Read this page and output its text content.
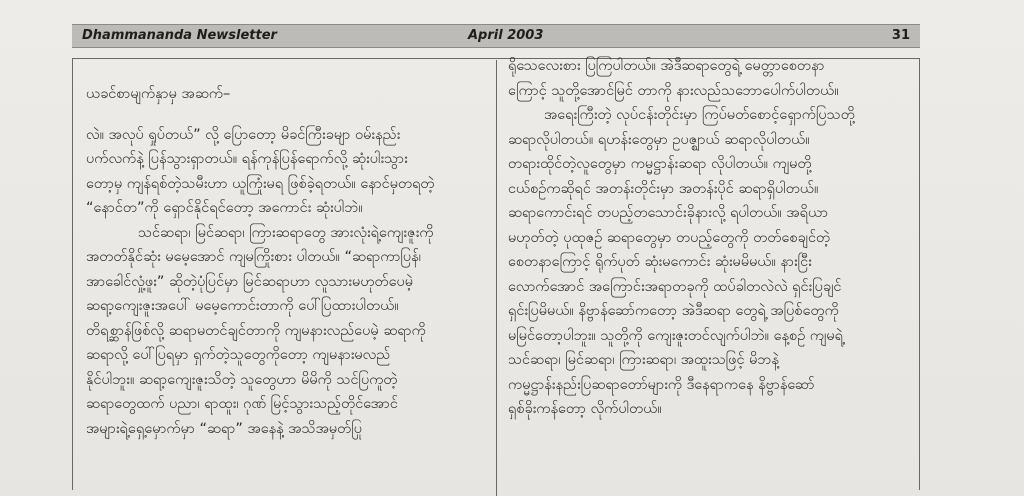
Dhammananda Newsletter	April 2003	31
ယခင်စာမျက်နှာမှ အဆက်–
လဲ။ အလုပ် ရှုပ်တယ်” လို့ ပြောတော့ မိခင်ကြီးခမျာ ဝမ်းနည်း
ပက်လက်နဲ့ ပြန်သွားရှာတယ်။ ရန်ကုန်ပြန်ရောက်လို့ ဆုံးပါးသွား
တော့မှ ကျန်ရစ်တဲ့သမီးဟာ ယူကြုံးမရ ဖြစ်ခဲ့ရတယ်။ နောင်မှတရတဲ့
“နောင်တ”ကို ရှောင်နိုင်ရင်တော့ အကောင်း ဆုံးပါဘဲ။
သင်ဆရာ၊ မြင်ဆရာ၊ ကြားဆရာတွေ အားလုံးရဲ့ကျေးဇူးကို
အတတ်နိုင်ဆုံး မမေ့အောင် ကျမကြိုးစား ပါတယ်။ “ဆရာကာပြန်၊
အာခေါင်လှုံ့ဖူး” ဆိုတဲ့ပုံပြင်မှာ မြင်ဆရာဟာ လူသားမဟုတ်ပေမဲ့
ဆရာ့ကျေးဇူးအပေါ် မမေ့ကောင်းတာကို ပေါ်ပြထားပါတယ်။
တိရစ္ဆာန်ဖြစ်လို့ ဆရာမတင်ချင်တာကို ကျမနားလည်ပေမဲ့ ဆရာကို
ဆရာလို့ ပေါ်ပြရမှာ ရှက်တဲ့သူတွေကိုတော့ ကျမနားမလည်
နိုင်ပါဘူး။ ဆရာ့ကျေးဇူးသိတဲ့ သူတွေဟာ မိမိကို သင်ပြကူတဲ့
ဆရာတွေထက် ပညာ၊ ရာထူး၊ ဂုဏ် မြင့်သွားသည့်တိုင်အောင်
အများရဲ့ရှေ့မှောက်မှာ “ဆရာ” အနေနဲ့ အသိအမှတ်ပြု
ရိုသေလေးစား ပြကြပါတယ်။ အဲဒီဆရာတွေရဲ့ မေတ္တာစေတနာ
ကြောင့် သူတို့အောင်မြင် တာကို နားလည်သဘောပေါက်ပါတယ်။
အရေးကြီးတဲ့ လုပ်ငန်းတိုင်းမှာ ကြပ်မတ်စောင့်ရှောက်ပြသတို့
ဆရာလိုပါတယ်။ ရဟန်းတွေမှာ ဥပဇ္ဈာယ် ဆရာလိုပါတယ်။
တရားထိုင်တဲ့လူတွေမှာ ကမ္မဋ္ဌာန်းဆရာ လိုပါတယ်။ ကျမတို့
ငယ်စဉ်ကဆိုရင် အတန်းတိုင်းမှာ အတန်းပိုင် ဆရာရှိပါတယ်။
ဆရာကောင်းရင် တပည့်တသောင်းခိုနားလို့ ရပါတယ်။ အရိယာ
မဟုတ်တဲ့ ပုထုဇဉ် ဆရာတွေမှာ တပည့်တွေကို တတ်စေချင်တဲ့
စေတနာကြောင့် ရိုက်ပုတ် ဆုံးမကောင်း ဆုံးမမိမယ်။ နားငြီး
လောက်အောင် အကြောင်းအရာတခုကို ထပ်ခါတလဲလဲ ရှင်းပြချင်
ရှင်းပြမိမယ်။ နိဗ္ဗာန်ဆော်ကတော့ အဲဒီဆရာ တွေရဲ့ အပြစ်တွေကို
မမြင်တော့ပါဘူး။ သူတို့ကို ကျေးဇူးတင်လျက်ပါဘဲ။ နေ့စဉ် ကျမရဲ့
သင်ဆရာ၊ မြင်ဆရာ၊ ကြားဆရာ၊ အထူးသဖြင့် မိဘနဲ့
ကမ္မဋ္ဌာန်းနည်းပြဆရာတော်များကို ဒီနေရာကနေ နိဗ္ဗာန်ဆော်
ရှစ်ခိုးကန်တော့ လိုက်ပါတယ်။
